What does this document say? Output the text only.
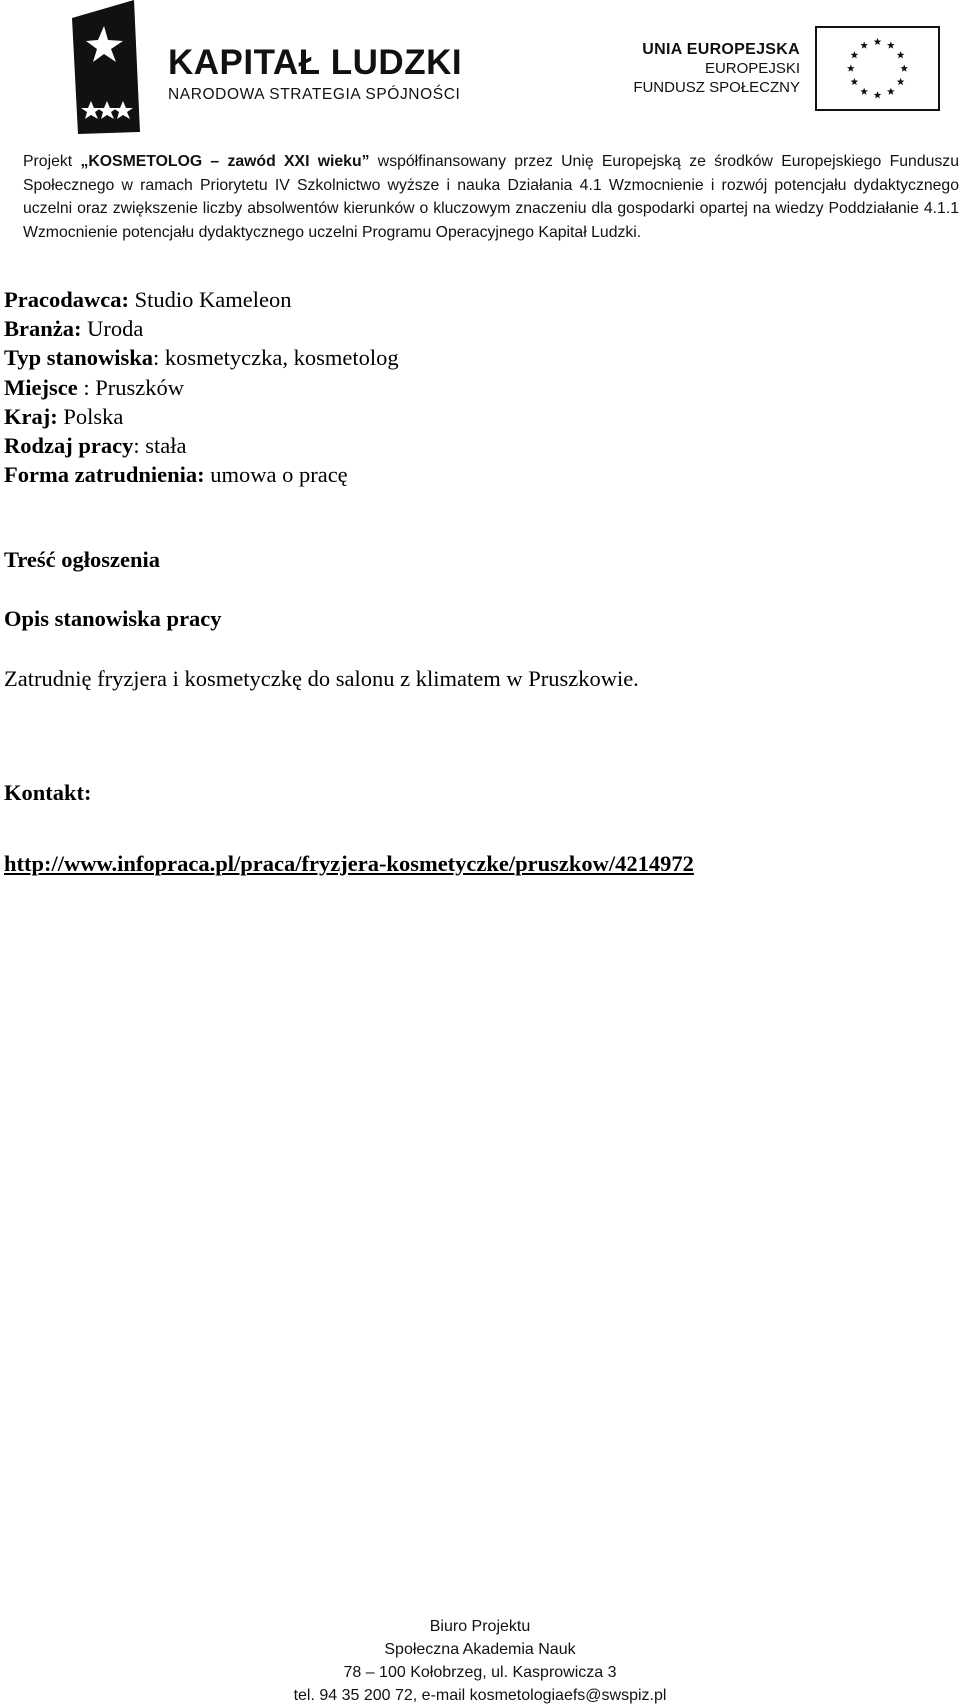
KAPITAŁ LUDZKI
NARODOWA STRATEGIA SPÓJNOŚCI
UNIA EUROPEJSKA
EUROPEJSKI
FUNDUSZ SPOŁECZNY
Projekt „KOSMETOLOG – zawód XXI wieku” współfinansowany przez Unię Europejską ze środków Europejskiego Funduszu Społecznego w ramach Priorytetu IV Szkolnictwo wyższe i nauka Działania 4.1 Wzmocnienie i rozwój potencjału dydaktycznego uczelni oraz zwiększenie liczby absolwentów kierunków o kluczowym znaczeniu dla gospodarki opartej na wiedzy Poddziałanie 4.1.1 Wzmocnienie potencjału dydaktycznego uczelni Programu Operacyjnego Kapitał Ludzki.
Pracodawca: Studio Kameleon
Branża: Uroda
Typ stanowiska: kosmetyczka, kosmetolog
Miejsce : Pruszków
Kraj: Polska
Rodzaj pracy: stała
Forma zatrudnienia: umowa o pracę
Treść ogłoszenia
Opis stanowiska pracy
Zatrudnię fryzjera i kosmetyczkę do salonu z klimatem w Pruszkowie.
Kontakt:
http://www.infopraca.pl/praca/fryzjera-kosmetyczke/pruszkow/4214972
Biuro Projektu
Społeczna Akademia Nauk
78 – 100 Kołobrzeg, ul. Kasprowicza 3
tel. 94 35 200 72, e-mail kosmetologiaefs@swspiz.pl
